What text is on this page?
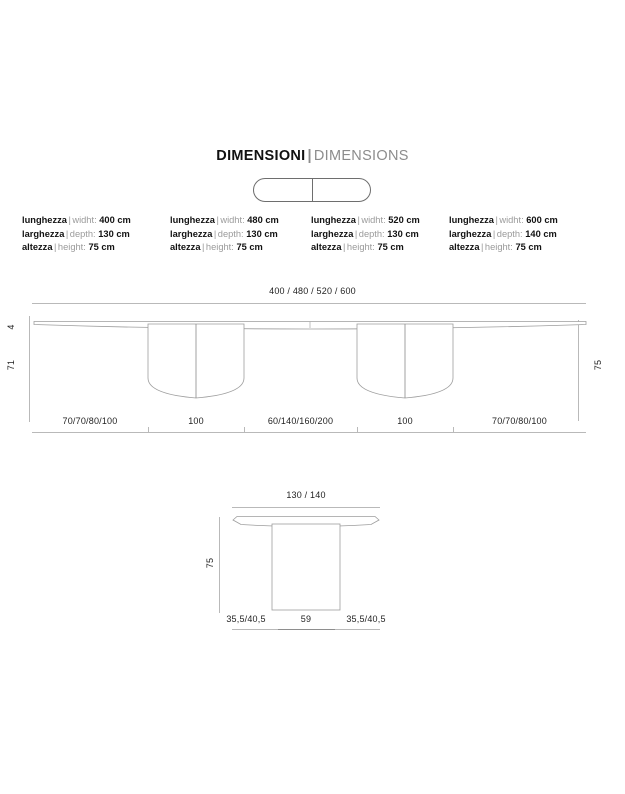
DIMENSIONI | DIMENSIONS
lunghezza | widht: 400 cm
larghezza | depth: 130 cm
altezza | height: 75 cm
lunghezza | widht: 480 cm
larghezza | depth: 130 cm
altezza | height: 75 cm
lunghezza | widht: 520 cm
larghezza | depth: 130 cm
altezza | height: 75 cm
lunghezza | widht: 600 cm
larghezza | depth: 140 cm
altezza | height: 75 cm
400 / 480 / 520 / 600
4
71	75
70/70/80/100	100	60/140/160/200	100	70/70/80/100
130 / 140
75
35,5/40,5	59	35,5/40,5
